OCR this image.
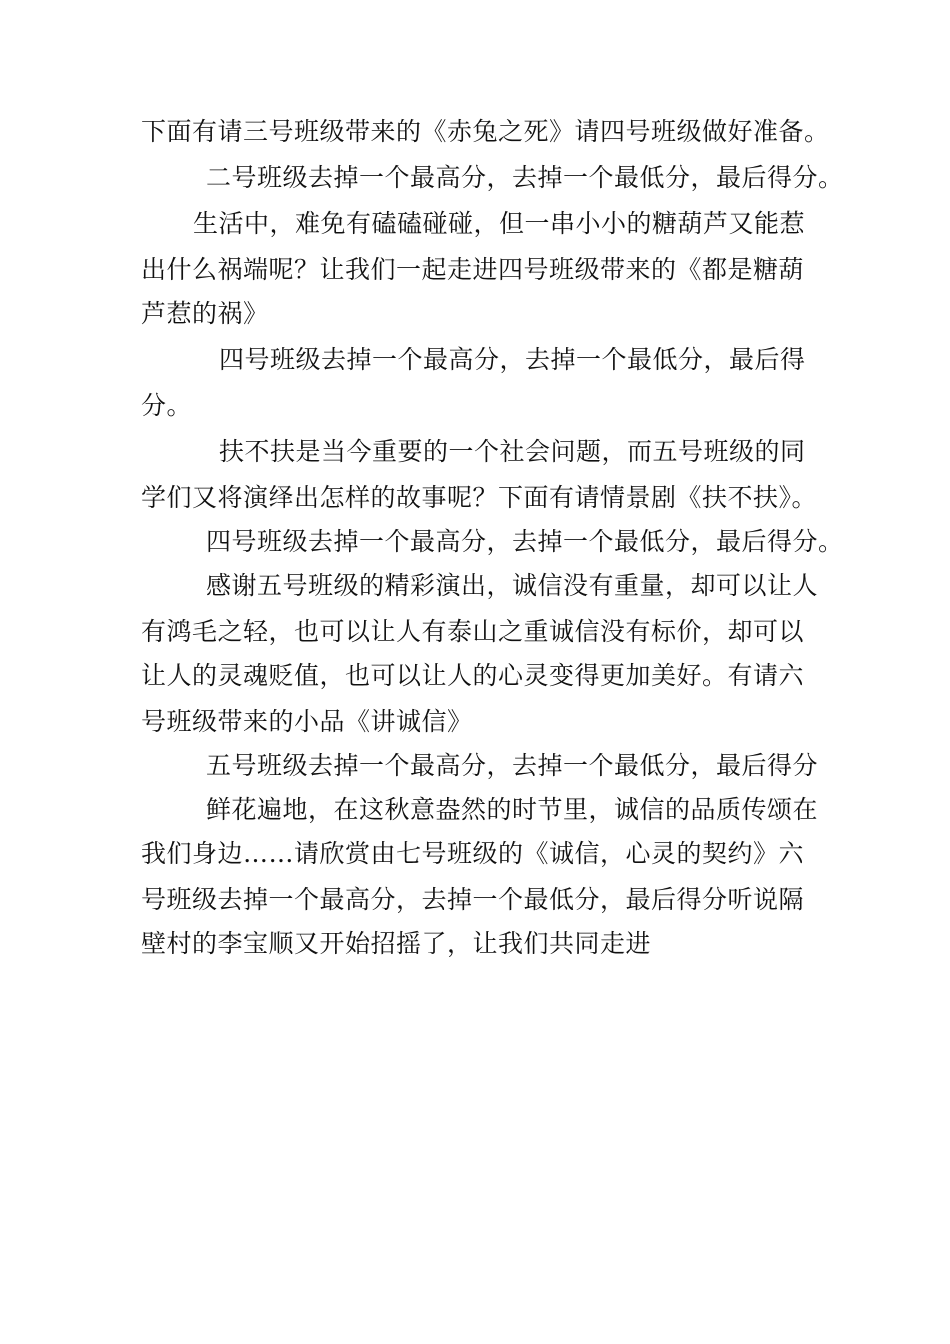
下面有请三号班级带来的《赤兔之死》请四号班级做好准备。
二号班级去掉一个最高分，去掉一个最低分，最后得分。
生活中，难免有磕磕碰碰，但一串小小的糖葫芦又能惹
出什么祸端呢？让我们一起走进四号班级带来的《都是糖葫
芦惹的祸》
四号班级去掉一个最高分，去掉一个最低分，最后得
分。
扶不扶是当今重要的一个社会问题，而五号班级的同
学们又将演绎出怎样的故事呢？下面有请情景剧《扶不扶》。
四号班级去掉一个最高分，去掉一个最低分，最后得分。
感谢五号班级的精彩演出，诚信没有重量，却可以让人
有鸿毛之轻，也可以让人有泰山之重诚信没有标价，却可以
让人的灵魂贬值，也可以让人的心灵变得更加美好。有请六
号班级带来的小品《讲诚信》
五号班级去掉一个最高分，去掉一个最低分，最后得分
鲜花遍地，在这秋意盎然的时节里，诚信的品质传颂在
我们身边……请欣赏由七号班级的《诚信，心灵的契约》六
号班级去掉一个最高分，去掉一个最低分，最后得分听说隔
壁村的李宝顺又开始招摇了，让我们共同走进
